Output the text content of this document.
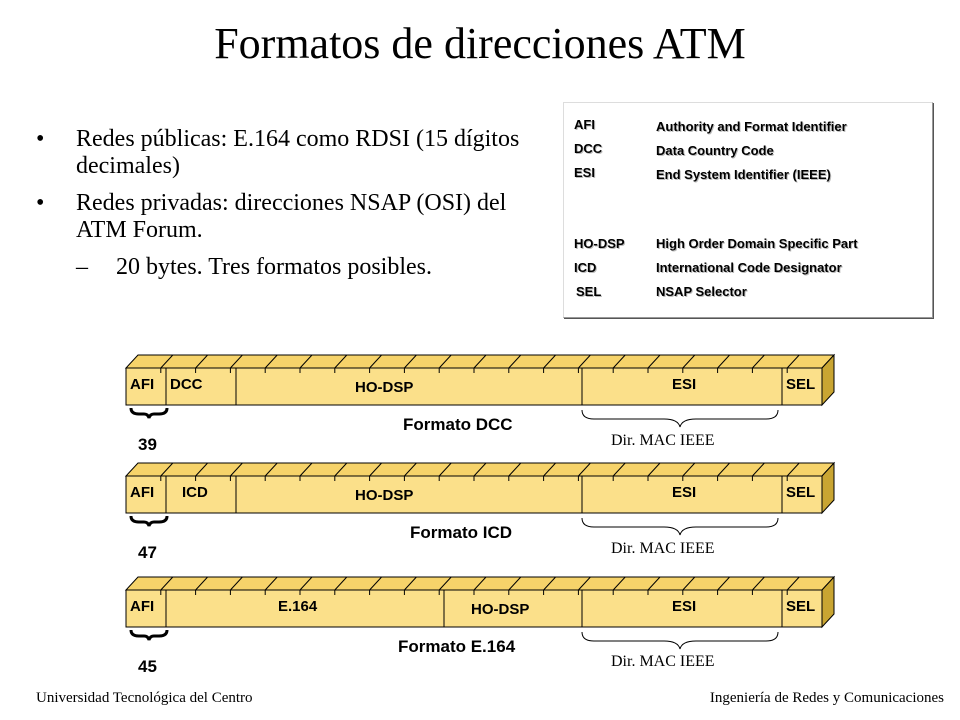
Formatos de direcciones ATM
• Redes públicas: E.164 como RDSI (15 dígitos decimales)
• Redes privadas: direcciones NSAP (OSI) del ATM Forum.
– 20 bytes. Tres formatos posibles.
AFI	Authority and Format Identifier
DCC	Data Country Code
ESI	End System Identifier (IEEE)
HO-DSP High Order Domain Specific Part
ICD	International Code Designator
SEL	NSAP Selector
AFI DCC	HO-DSP	ESI	SEL
39
Formato DCC
Dir. MAC IEEE
AFI ICD	HO-DSP	ESI	SEL
47
Formato ICD
Dir. MAC IEEE
AFI	E.164	HO-DSP	ESI	SEL
45
Formato E.164
Dir. MAC IEEE
Universidad Tecnológica del Centro	Ingeniería de Redes y Comunicaciones
